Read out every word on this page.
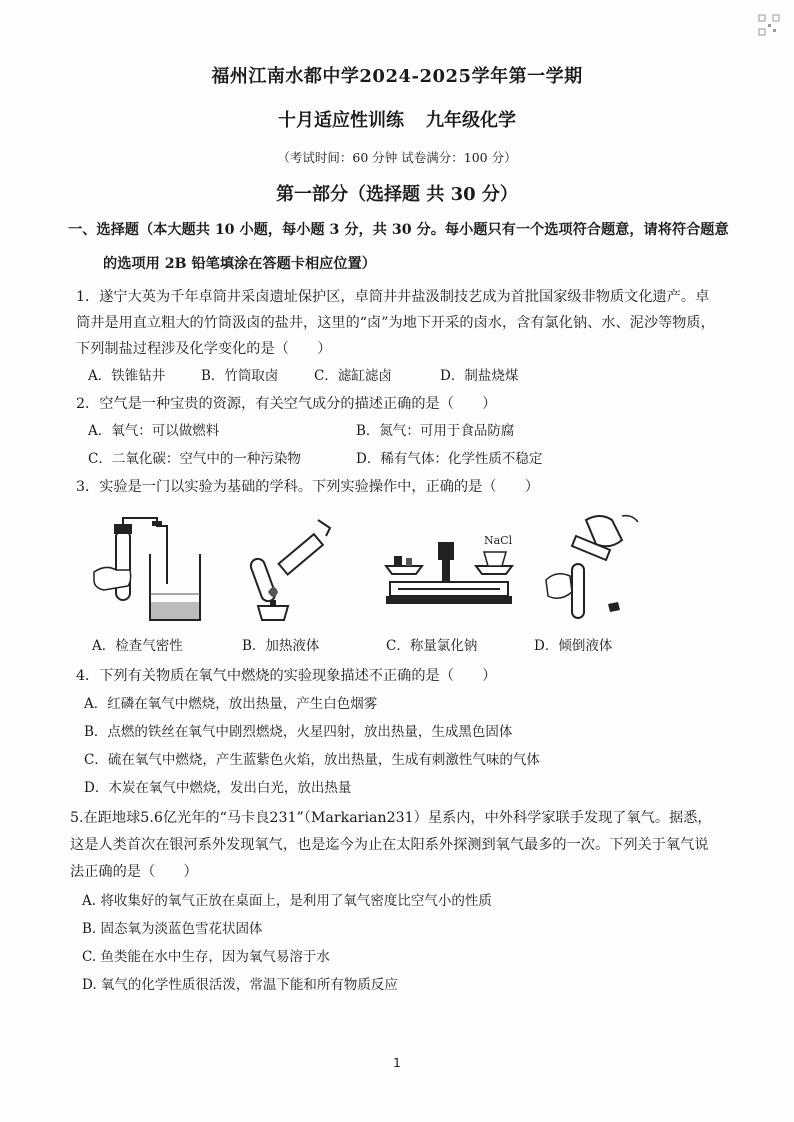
福州江南水都中学2024-2025学年第一学期
十月适应性训练 九年级化学
（考试时间：60 分钟 试卷满分：100 分）
第一部分（选择题 共 30 分）
一、选择题（本大题共 10 小题，每小题 3 分，共 30 分。每小题只有一个选项符合题意，请将符合题意
的选项用 2B 铅笔填涂在答题卡相应位置）
1．遂宁大英为千年卓筒井采卤遗址保护区，卓筒井井盐汲制技艺成为首批国家级非物质文化遗产。卓
筒井是用直立粗大的竹筒汲卤的盐井，这里的“卤”为地下开采的卤水，含有氯化钠、水、泥沙等物质，
下列制盐过程涉及化学变化的是（　　）
A．铁锥钻井	B．竹筒取卤	C．滤缸滤卤	D．制盐烧煤
2．空气是一种宝贵的资源，有关空气成分的描述正确的是（　　）
A．氧气：可以做燃料	B．氮气：可用于食品防腐
C．二氧化碳：空气中的一种污染物	D．稀有气体：化学性质不稳定
3．实验是一门以实验为基础的学科。下列实验操作中，正确的是（　　）
NaCl
A．检查气密性	B．加热液体	C．称量氯化钠	D．倾倒液体
4．下列有关物质在氧气中燃烧的实验现象描述不正确的是（　　）
A．红磷在氧气中燃烧，放出热量，产生白色烟雾
B．点燃的铁丝在氧气中剧烈燃烧，火星四射，放出热量，生成黑色固体
C．硫在氧气中燃烧，产生蓝紫色火焰，放出热量，生成有刺激性气味的气体
D．木炭在氧气中燃烧，发出白光，放出热量
5.在距地球5.6亿光年的“马卡良231”（Markarian231）星系内，中外科学家联手发现了氧气。据悉，
这是人类首次在银河系外发现氧气，也是迄今为止在太阳系外探测到氧气最多的一次。下列关于氧气说
法正确的是（　　）
A. 将收集好的氧气正放在桌面上，是利用了氧气密度比空气小的性质
B. 固态氧为淡蓝色雪花状固体
C. 鱼类能在水中生存，因为氧气易溶于水
D. 氧气的化学性质很活泼，常温下能和所有物质反应
1
